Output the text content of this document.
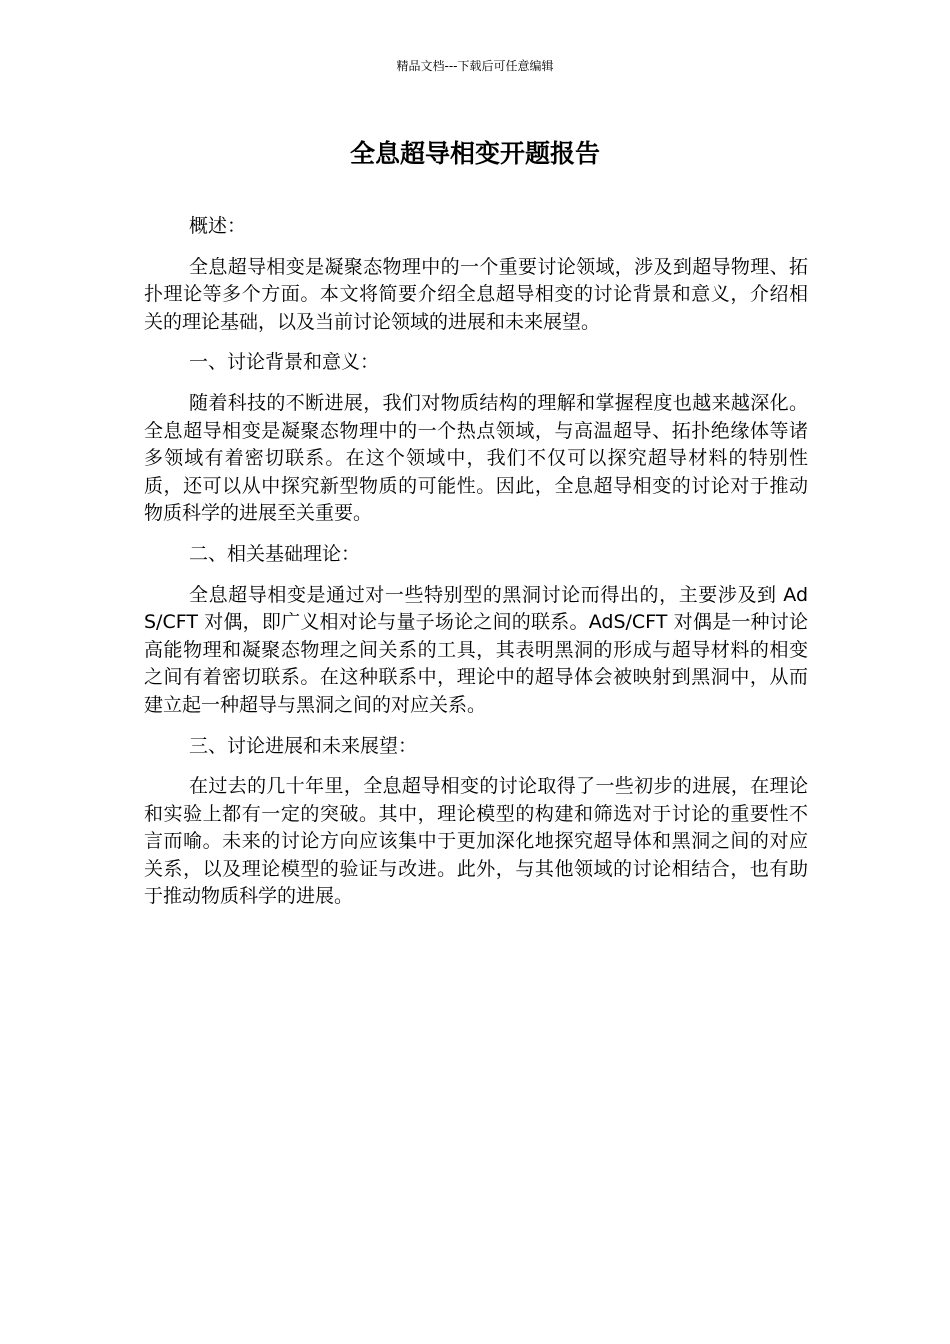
精品文档---下载后可任意编辑
全息超导相变开题报告

概述：

全息超导相变是凝聚态物理中的一个重要讨论领域，涉及到超导物理、拓扑理论等多个方面。本文将简要介绍全息超导相变的讨论背景和意义，介绍相关的理论基础，以及当前讨论领域的进展和未来展望。

一、讨论背景和意义：

随着科技的不断进展，我们对物质结构的理解和掌握程度也越来越深化。全息超导相变是凝聚态物理中的一个热点领域，与高温超导、拓扑绝缘体等诸多领域有着密切联系。在这个领域中，我们不仅可以探究超导材料的特别性质，还可以从中探究新型物质的可能性。因此，全息超导相变的讨论对于推动物质科学的进展至关重要。

二、相关基础理论：

全息超导相变是通过对一些特别型的黑洞讨论而得出的，主要涉及到 AdS/CFT 对偶，即广义相对论与量子场论之间的联系。AdS/CFT 对偶是一种讨论高能物理和凝聚态物理之间关系的工具，其表明黑洞的形成与超导材料的相变之间有着密切联系。在这种联系中，理论中的超导体会被映射到黑洞中，从而建立起一种超导与黑洞之间的对应关系。

三、讨论进展和未来展望：

在过去的几十年里，全息超导相变的讨论取得了一些初步的进展，在理论和实验上都有一定的突破。其中，理论模型的构建和筛选对于讨论的重要性不言而喻。未来的讨论方向应该集中于更加深化地探究超导体和黑洞之间的对应关系，以及理论模型的验证与改进。此外，与其他领域的讨论相结合，也有助于推动物质科学的进展。
